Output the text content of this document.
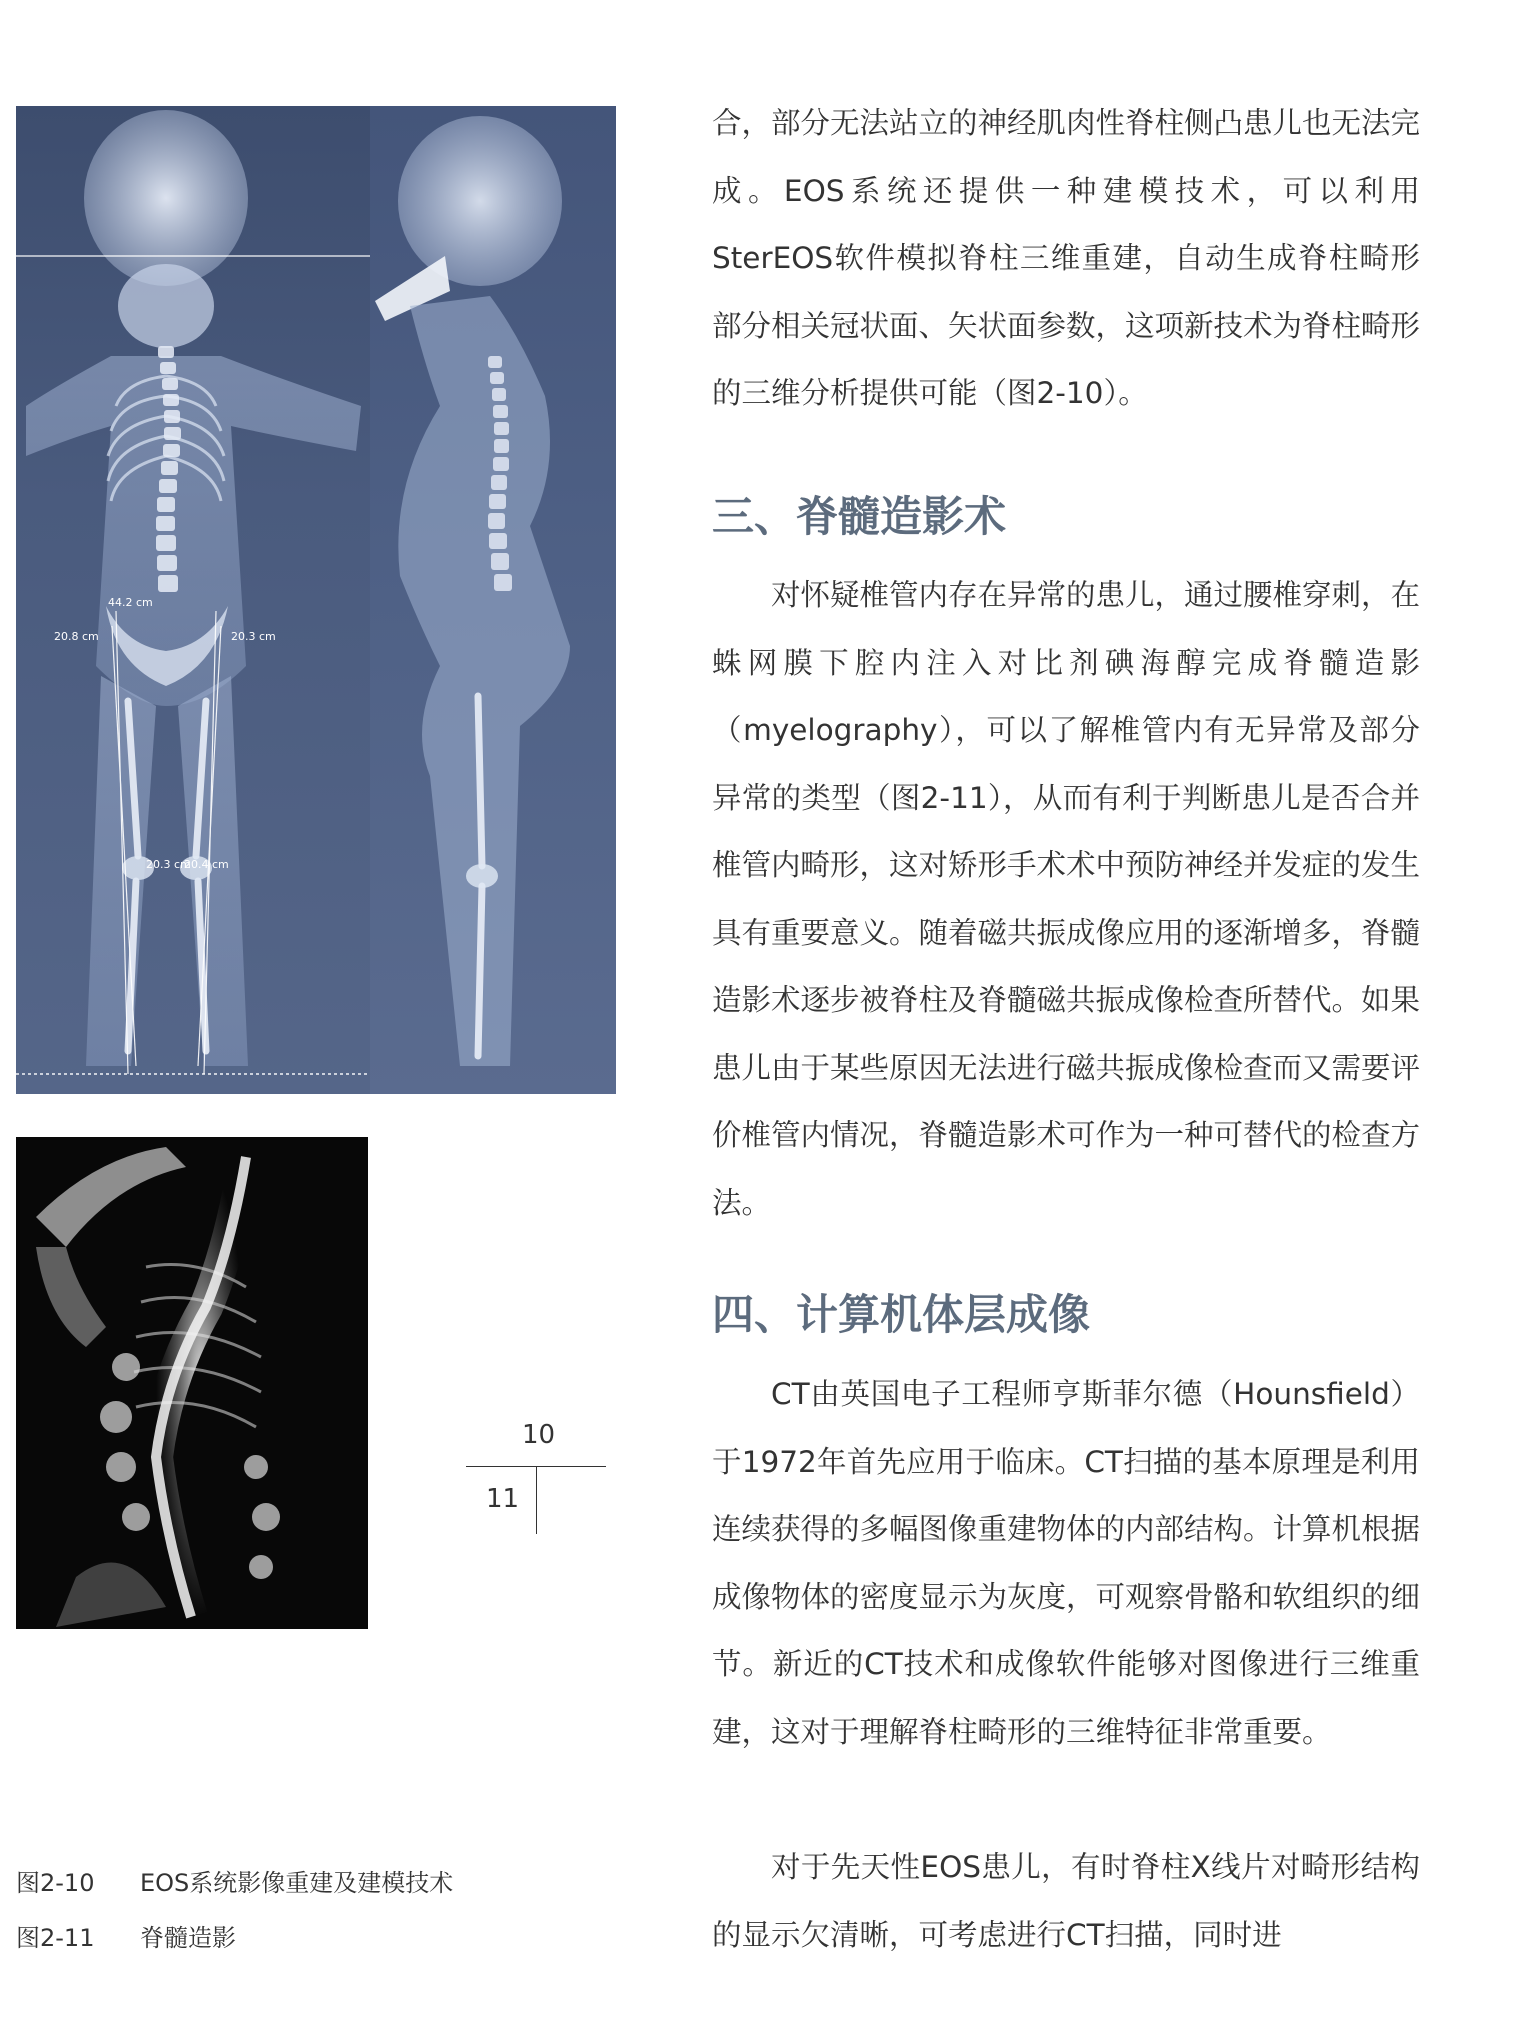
44.2 cm
20.8 cm	20.3 cm
20.3 cm
20.4 cm
10
11
图2-10 EOS系统影像重建及建模技术
图2-11 脊髓造影

合，部分无法站立的神经肌肉性脊柱侧凸患儿也无法完成。EOS系统还提供一种建模技术，可以利用SterEOS软件模拟脊柱三维重建，自动生成脊柱畸形部分相关冠状面、矢状面参数，这项新技术为脊柱畸形的三维分析提供可能（图2-10）。

三、脊髓造影术

对怀疑椎管内存在异常的患儿，通过腰椎穿刺，在蛛网膜下腔内注入对比剂碘海醇完成脊髓造影（myelography），可以了解椎管内有无异常及部分异常的类型（图2-11），从而有利于判断患儿是否合并椎管内畸形，这对矫形手术术中预防神经并发症的发生具有重要意义。随着磁共振成像应用的逐渐增多，脊髓造影术逐步被脊柱及脊髓磁共振成像检查所替代。如果患儿由于某些原因无法进行磁共振成像检查而又需要评价椎管内情况，脊髓造影术可作为一种可替代的检查方法。

四、计算机体层成像

CT由英国电子工程师亨斯菲尔德（Hounsfield）于1972年首先应用于临床。CT扫描的基本原理是利用连续获得的多幅图像重建物体的内部结构。计算机根据成像物体的密度显示为灰度，可观察骨骼和软组织的细节。新近的CT技术和成像软件能够对图像进行三维重建，这对于理解脊柱畸形的三维特征非常重要。

对于先天性EOS患儿，有时脊柱X线片对畸形结构的显示欠清晰，可考虑进行CT扫描，同时进
